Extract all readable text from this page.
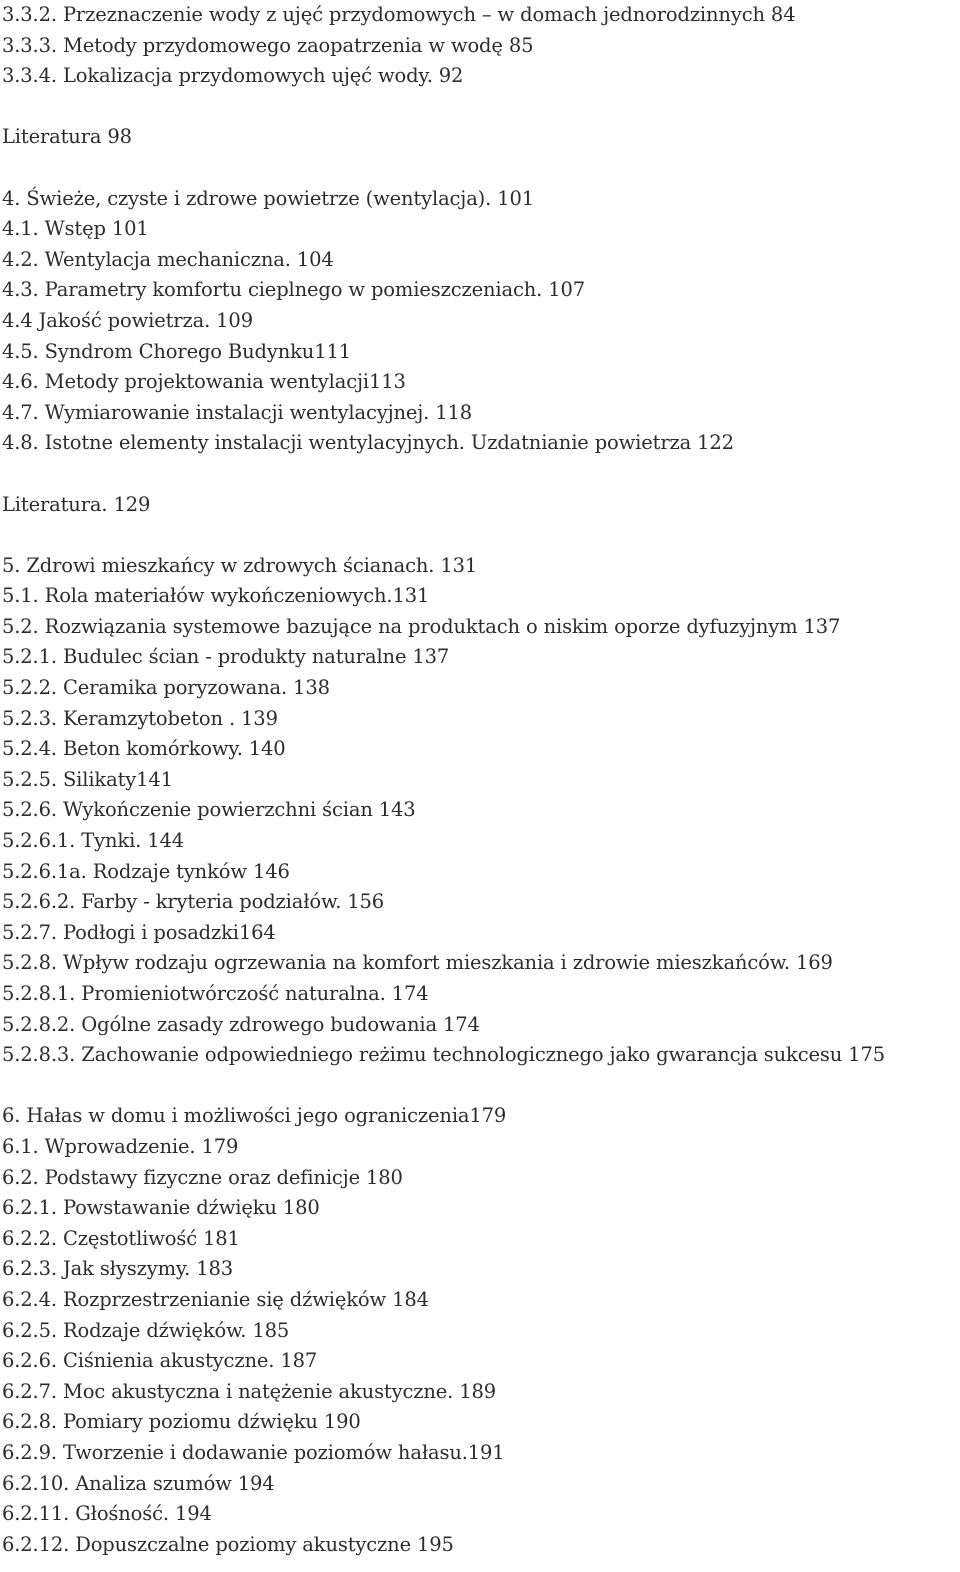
3.3.2. Przeznaczenie wody z ujęć przydomowych – w domach jednorodzinnych 84
3.3.3. Metody przydomowego zaopatrzenia w wodę 85
3.3.4. Lokalizacja przydomowych ujęć wody. 92
Literatura 98
4. Świeże, czyste i zdrowe powietrze (wentylacja). 101
4.1. Wstęp 101
4.2. Wentylacja mechaniczna. 104
4.3. Parametry komfortu cieplnego w pomieszczeniach. 107
4.4 Jakość powietrza. 109
4.5. Syndrom Chorego Budynku111
4.6. Metody projektowania wentylacji113
4.7. Wymiarowanie instalacji wentylacyjnej. 118
4.8. Istotne elementy instalacji wentylacyjnych. Uzdatnianie powietrza 122
Literatura. 129
5. Zdrowi mieszkańcy w zdrowych ścianach. 131
5.1. Rola materiałów wykończeniowych.131
5.2. Rozwiązania systemowe bazujące na produktach o niskim oporze dyfuzyjnym 137
5.2.1. Budulec ścian - produkty naturalne 137
5.2.2. Ceramika poryzowana. 138
5.2.3. Keramzytobeton . 139
5.2.4. Beton komórkowy. 140
5.2.5. Silikaty141
5.2.6. Wykończenie powierzchni ścian 143
5.2.6.1. Tynki. 144
5.2.6.1a. Rodzaje tynków 146
5.2.6.2. Farby - kryteria podziałów. 156
5.2.7. Podłogi i posadzki164
5.2.8. Wpływ rodzaju ogrzewania na komfort mieszkania i zdrowie mieszkańców. 169
5.2.8.1. Promieniotwórczość naturalna. 174
5.2.8.2. Ogólne zasady zdrowego budowania 174
5.2.8.3. Zachowanie odpowiedniego reżimu technologicznego jako gwarancja sukcesu 175
6. Hałas w domu i możliwości jego ograniczenia179
6.1. Wprowadzenie. 179
6.2. Podstawy fizyczne oraz definicje 180
6.2.1. Powstawanie dźwięku 180
6.2.2. Częstotliwość 181
6.2.3. Jak słyszymy. 183
6.2.4. Rozprzestrzenianie się dźwięków 184
6.2.5. Rodzaje dźwięków. 185
6.2.6. Ciśnienia akustyczne. 187
6.2.7. Moc akustyczna i natężenie akustyczne. 189
6.2.8. Pomiary poziomu dźwięku 190
6.2.9. Tworzenie i dodawanie poziomów hałasu.191
6.2.10. Analiza szumów 194
6.2.11. Głośność. 194
6.2.12. Dopuszczalne poziomy akustyczne 195
